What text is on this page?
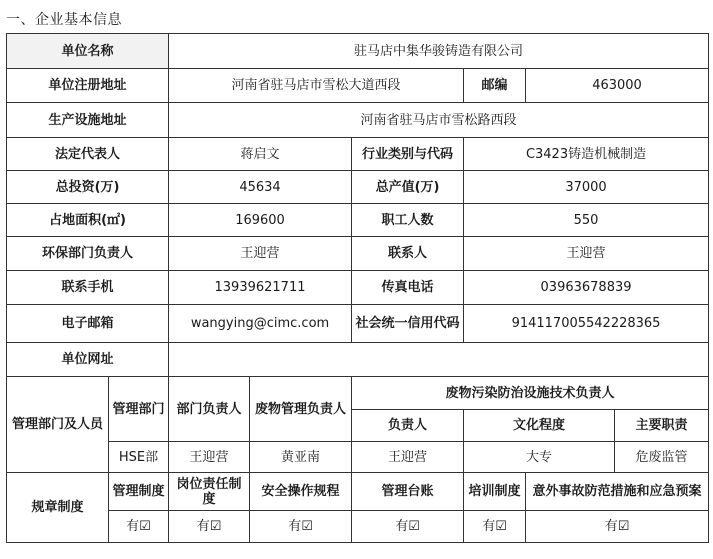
一、企业基本信息
单位名称		驻马店中集华骏铸造有限公司					
单位注册地址		河南省驻马店市雪松大道西段			邮编	463000	
生产设施地址		河南省驻马店市雪松路西段					
法定代表人		蒋启文		行业类别与代码	C3423铸造机械制造		
总投资(万)		45634		总产值(万)	37000		
占地面积(㎡)		169600		职工人数	550		
环保部门负责人		王迎营		联系人	王迎营		
联系手机		13939621711		传真电话	03963678839		
电子邮箱		wangying@cimc.com		社会统一信用代码	914117005542228365		
单位网址							
管理部门及人员	管理部门	部门负责人	废物管理负责人	废物污染防治设施技术负责人			
				负责人	文化程度		主要职责
	HSE部	王迎营	黄亚南	王迎营	大专		危废监管
规章制度	管理制度	岗位责任制度	安全操作规程	管理台账	培训制度	意外事故防范措施和应急预案	
	有☑	有☑	有☑	有☑	有☑	有☑	
